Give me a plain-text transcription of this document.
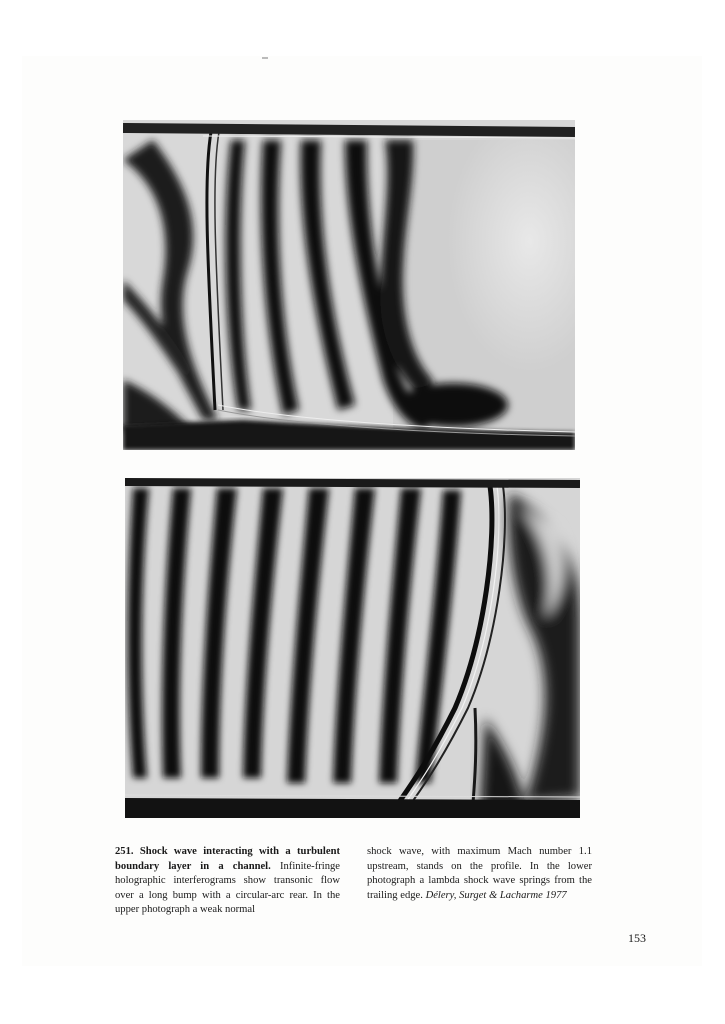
251. Shock wave interacting with a turbulent boundary layer in a channel. Infinite-fringe holographic interferograms show transonic flow over a long bump with a circular-arc rear. In the upper photograph a weak normal
shock wave, with maximum Mach number 1.1 upstream, stands on the profile. In the lower photograph a lambda shock wave springs from the trailing edge. Délery, Surget & Lacharme 1977
153
